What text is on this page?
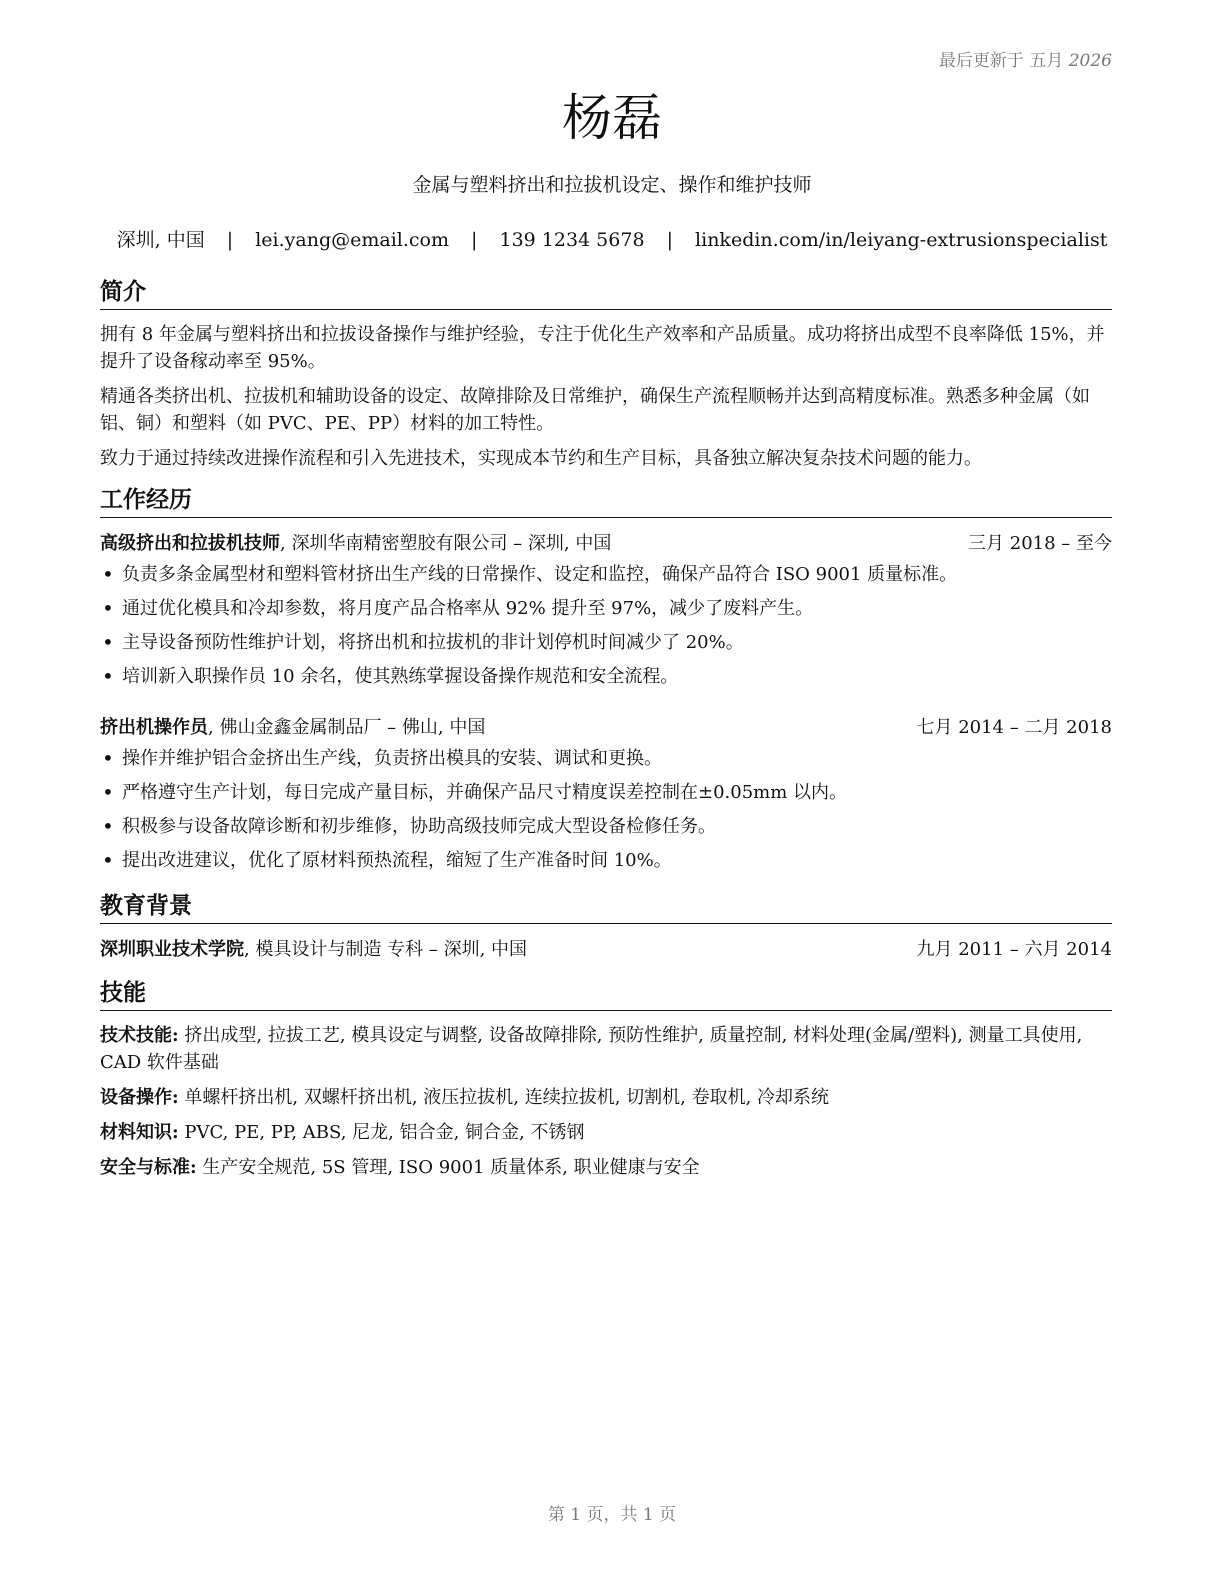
最后更新于 五月 2026
杨磊
金属与塑料挤出和拉拔机设定、操作和维护技师
深圳, 中国 | lei.yang@email.com | 139 1234 5678 | linkedin.com/in/leiyang-extrusionspecialist
简介

拥有 8 年金属与塑料挤出和拉拔设备操作与维护经验，专注于优化生产效率和产品质量。成功将挤出成型不良率降低 15%，并提升了设备稼动率至 95%。

精通各类挤出机、拉拔机和辅助设备的设定、故障排除及日常维护，确保生产流程顺畅并达到高精度标准。熟悉多种金属（如铝、铜）和塑料（如 PVC、PE、PP）材料的加工特性。

致力于通过持续改进操作流程和引入先进技术，实现成本节约和生产目标，具备独立解决复杂技术问题的能力。

工作经历
高级挤出和拉拔机技师, 深圳华南精密塑胶有限公司 – 深圳, 中国	三月 2018 – 至今
• 负责多条金属型材和塑料管材挤出生产线的日常操作、设定和监控，确保产品符合 ISO 9001 质量标准。
• 通过优化模具和冷却参数，将月度产品合格率从 92% 提升至 97%，减少了废料产生。
• 主导设备预防性维护计划，将挤出机和拉拔机的非计划停机时间减少了 20%。
• 培训新入职操作员 10 余名，使其熟练掌握设备操作规范和安全流程。
挤出机操作员, 佛山金鑫金属制品厂 – 佛山, 中国	七月 2014 – 二月 2018
• 操作并维护铝合金挤出生产线，负责挤出模具的安装、调试和更换。
• 严格遵守生产计划，每日完成产量目标，并确保产品尺寸精度误差控制在±0.05mm 以内。
• 积极参与设备故障诊断和初步维修，协助高级技师完成大型设备检修任务。
• 提出改进建议，优化了原材料预热流程，缩短了生产准备时间 10%。
教育背景
深圳职业技术学院, 模具设计与制造 专科 – 深圳, 中国	九月 2011 – 六月 2014
技能
技术技能: 挤出成型, 拉拔工艺, 模具设定与调整, 设备故障排除, 预防性维护, 质量控制, 材料处理(金属/塑料), 测量工具使用, CAD 软件基础
设备操作: 单螺杆挤出机, 双螺杆挤出机, 液压拉拔机, 连续拉拔机, 切割机, 卷取机, 冷却系统
材料知识: PVC, PE, PP, ABS, 尼龙, 铝合金, 铜合金, 不锈钢
安全与标准: 生产安全规范, 5S 管理, ISO 9001 质量体系, 职业健康与安全
第 1 页，共 1 页
